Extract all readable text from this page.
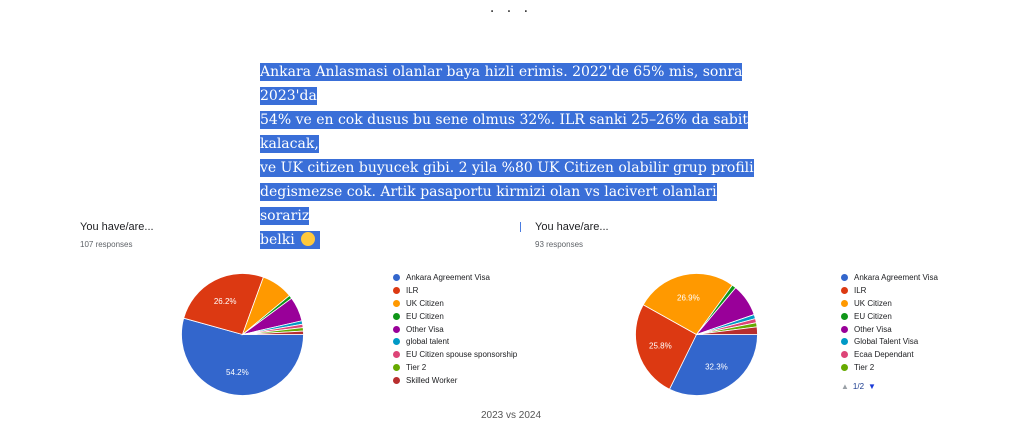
. . .
Ankara Anlasmasi olanlar baya hizli erimis. 2022'de 65% mis, sonra 2023'da
54% ve en cok dusus bu sene olmus 32%. ILR sanki 25–26% da sabit kalacak,
ve UK citizen buyucek gibi. 2 yila %80 UK Citizen olabilir grup profili
degismezse cok. Artik pasaportu kirmizi olan vs lacivert olanlari sorariz
belki
You have/are...
107 responses
54.2%
26.2%
Ankara Agreement Visa
ILR
UK Citizen
EU Citizen
Other Visa
global talent
EU Citizen spouse sponsorship
Tier 2
Skilled Worker
You have/are...
93 responses
32.3%
25.8%
26.9%
Ankara Agreement Visa
ILR
UK Citizen
EU Citizen
Other Visa
Global Talent Visa
Ecaa Dependant
Tier 2
▲ 1/2 ▼
2023 vs 2024
